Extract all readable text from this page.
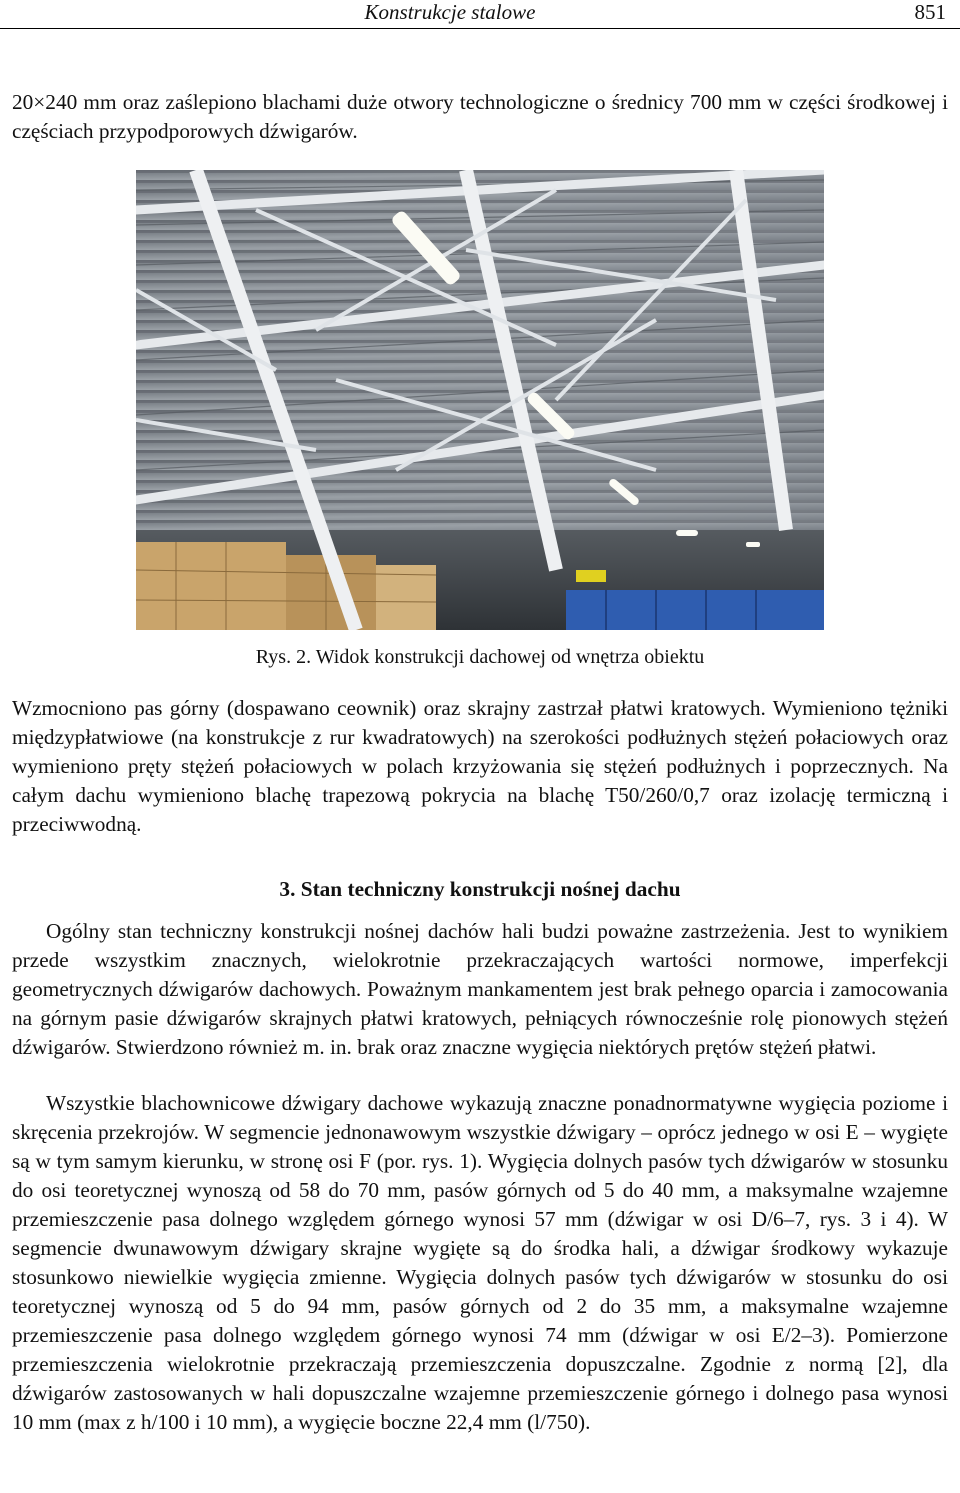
Konstrukcje stalowe	851

20×240 mm oraz zaślepiono blachami duże otwory technologiczne o średnicy 700 mm w części środkowej i częściach przypodporowych dźwigarów.

Rys. 2. Widok konstrukcji dachowej od wnętrza obiektu

Wzmocniono pas górny (dospawano ceownik) oraz skrajny zastrzał płatwi kratowych. Wymieniono tężniki międzypłatwiowe (na konstrukcje z rur kwadratowych) na szerokości podłużnych stężeń połaciowych oraz wymieniono pręty stężeń połaciowych w polach krzyżowania się stężeń podłużnych i poprzecznych. Na całym dachu wymieniono blachę trapezową pokrycia na blachę T50/260/0,7 oraz izolację termiczną i przeciwwodną.

3. Stan techniczny konstrukcji nośnej dachu

Ogólny stan techniczny konstrukcji nośnej dachów hali budzi poważne zastrzeżenia. Jest to wynikiem przede wszystkim znacznych, wielokrotnie przekraczających wartości normowe, imperfekcji geometrycznych dźwigarów dachowych. Poważnym mankamentem jest brak pełnego oparcia i zamocowania na górnym pasie dźwigarów skrajnych płatwi kratowych, pełniących równocześnie rolę pionowych stężeń dźwigarów. Stwierdzono również m. in. brak oraz znaczne wygięcia niektórych prętów stężeń płatwi.

Wszystkie blachownicowe dźwigary dachowe wykazują znaczne ponadnormatywne wygięcia poziome i skręcenia przekrojów. W segmencie jednonawowym wszystkie dźwigary – oprócz jednego w osi E – wygięte są w tym samym kierunku, w stronę osi F (por. rys. 1). Wygięcia dolnych pasów tych dźwigarów w stosunku do osi teoretycznej wynoszą od 58 do 70 mm, pasów górnych od 5 do 40 mm, a maksymalne wzajemne przemieszczenie pasa dolnego względem górnego wynosi 57 mm (dźwigar w osi D/6–7, rys. 3 i 4). W segmencie dwunawowym dźwigary skrajne wygięte są do środka hali, a dźwigar środkowy wykazuje stosunkowo niewielkie wygięcia zmienne. Wygięcia dolnych pasów tych dźwigarów w stosunku do osi teoretycznej wynoszą od 5 do 94 mm, pasów górnych od 2 do 35 mm, a maksymalne wzajemne przemieszczenie pasa dolnego względem górnego wynosi 74 mm (dźwigar w osi E/2–3). Pomierzone przemieszczenia wielokrotnie przekraczają przemieszczenia dopuszczalne. Zgodnie z normą [2], dla dźwigarów zastosowanych w hali dopuszczalne wzajemne przemieszczenie górnego i dolnego pasa wynosi 10 mm (max z h/100 i 10 mm), a wygięcie boczne 22,4 mm (l/750).
